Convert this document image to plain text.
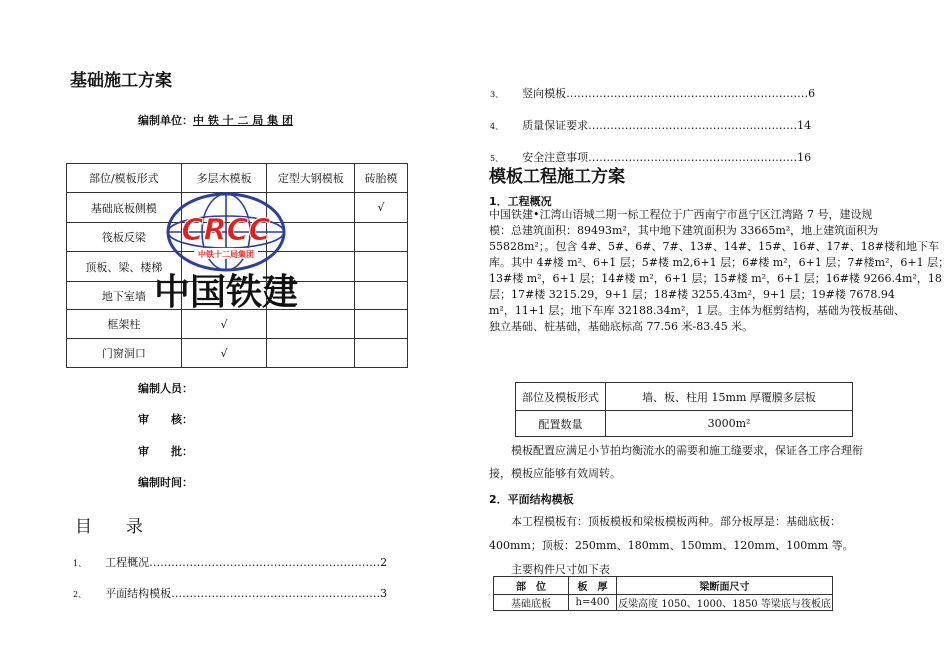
基础施工方案
编制单位：中 铁 十 二 局 集 团
部位/模板形式	多层木模板	定型大钢模板	砖胎模
基础底板侧模			√
筏板反梁			
顶板、梁、楼梯			
地下室墙			
框架柱	√		
门窗洞口	√		
CRCC
中铁十二局集团
中国铁建
编制人员：
审　　核：
审　　批：
编制时间：
目　　录
1、 工程概况………………………………………………………2
2、 平面结构模板…………………………………………………3
3、 竖向模板…………………………………………………………6
4、 质量保证要求…………………………………………………14
5、 安全注意事项…………………………………………………16
模板工程施工方案
1．工程概况
中国铁建•江湾山语城二期一标工程位于广西南宁市邕宁区江湾路 7 号，建设规
模：总建筑面积：89493m²，其中地下建筑面积为 33665m²，地上建筑面积为
55828m²；。包含 4#、5#、6#、7#、13#、14#、15#、16#、17#、18#楼和地下车
库。其中 4#楼 m²、6+1 层；5#楼 m2,6+1 层；6#楼 m²，6+1 层；7#楼m²，6+1 层；
13#楼 m²，6+1 层；14#楼 m²，6+1 层；15#楼 m²，6+1 层；16#楼 9266.4m²，18
层；17#楼 3215.29，9+1 层；18#楼 3255.43m²，9+1 层；19#楼 7678.94
m²，11+1 层；地下车库 32188.34m²，1 层。主体为框剪结构，基础为筏板基础、
独立基础、桩基础，基础底标高 77.56 米-83.45 米。
部位及模板形式	墙、板、柱用 15mm 厚覆膜多层板
配置数量	3000m²
模板配置应满足小节拍均衡流水的需要和施工缝要求，保证各工序合理衔
接，模板应能够有效周转。
2．平面结构模板
本工程模板有：顶板模板和梁板模板两种。部分板厚是：基础底板：
400mm；顶板：250mm、180mm、150mm、120mm、100mm 等。
主要构件尺寸如下表
部　位	板　厚	梁断面尺寸
基础底板	h=400	反梁高度 1050、1000、1850 等梁底与筏板底
